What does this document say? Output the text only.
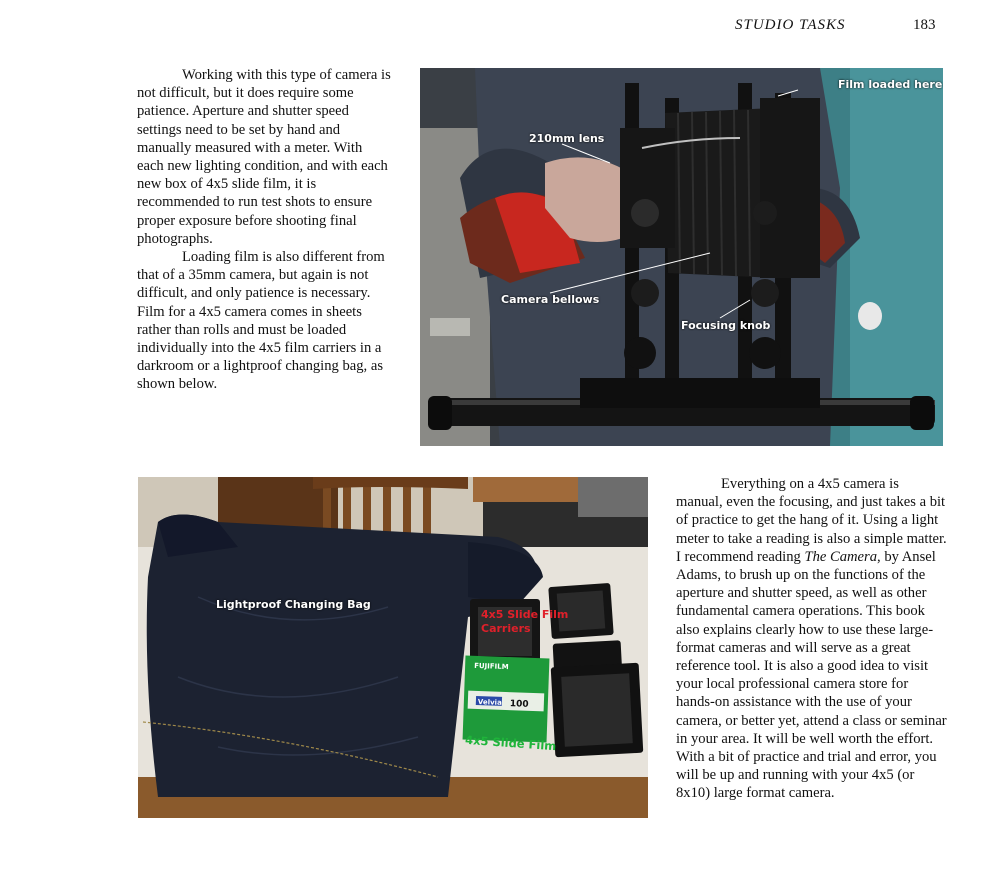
STUDIO TASKS	183

Working with this type of camera is not difficult, but it does require some patience. Aperture and shutter speed settings need to be set by hand and manually measured with a meter. With each new lighting condition, and with each new box of 4x5 slide film, it is recommended to run test shots to ensure proper exposure before shooting final photographs.

Loading film is also different from that of a 35mm camera, but again is not difficult, and only patience is necessary. Film for a 4x5 camera comes in sheets rather than rolls and must be loaded individually into the 4x5 film carriers in a darkroom or a lightproof changing bag, as shown below.

Film loaded here
210mm lens
Camera bellows
Focusing knob
FUJIFILM
Velvia 100
Lightproof Changing Bag
4x5 Slide Film
Carriers
4x5 Slide Film

Everything on a 4x5 camera is manual, even the focusing, and just takes a bit of practice to get the hang of it. Using a light meter to take a reading is also a simple matter. I recommend reading The Camera, by Ansel Adams, to brush up on the functions of the aperture and shutter speed, as well as other fundamental camera operations. This book also explains clearly how to use these large-format cameras and will serve as a great reference tool. It is also a good idea to visit your local professional camera store for hands-on assistance with the use of your camera, or better yet, attend a class or seminar in your area. It will be well worth the effort. With a bit of practice and trial and error, you will be up and running with your 4x5 (or 8x10) large format camera.
